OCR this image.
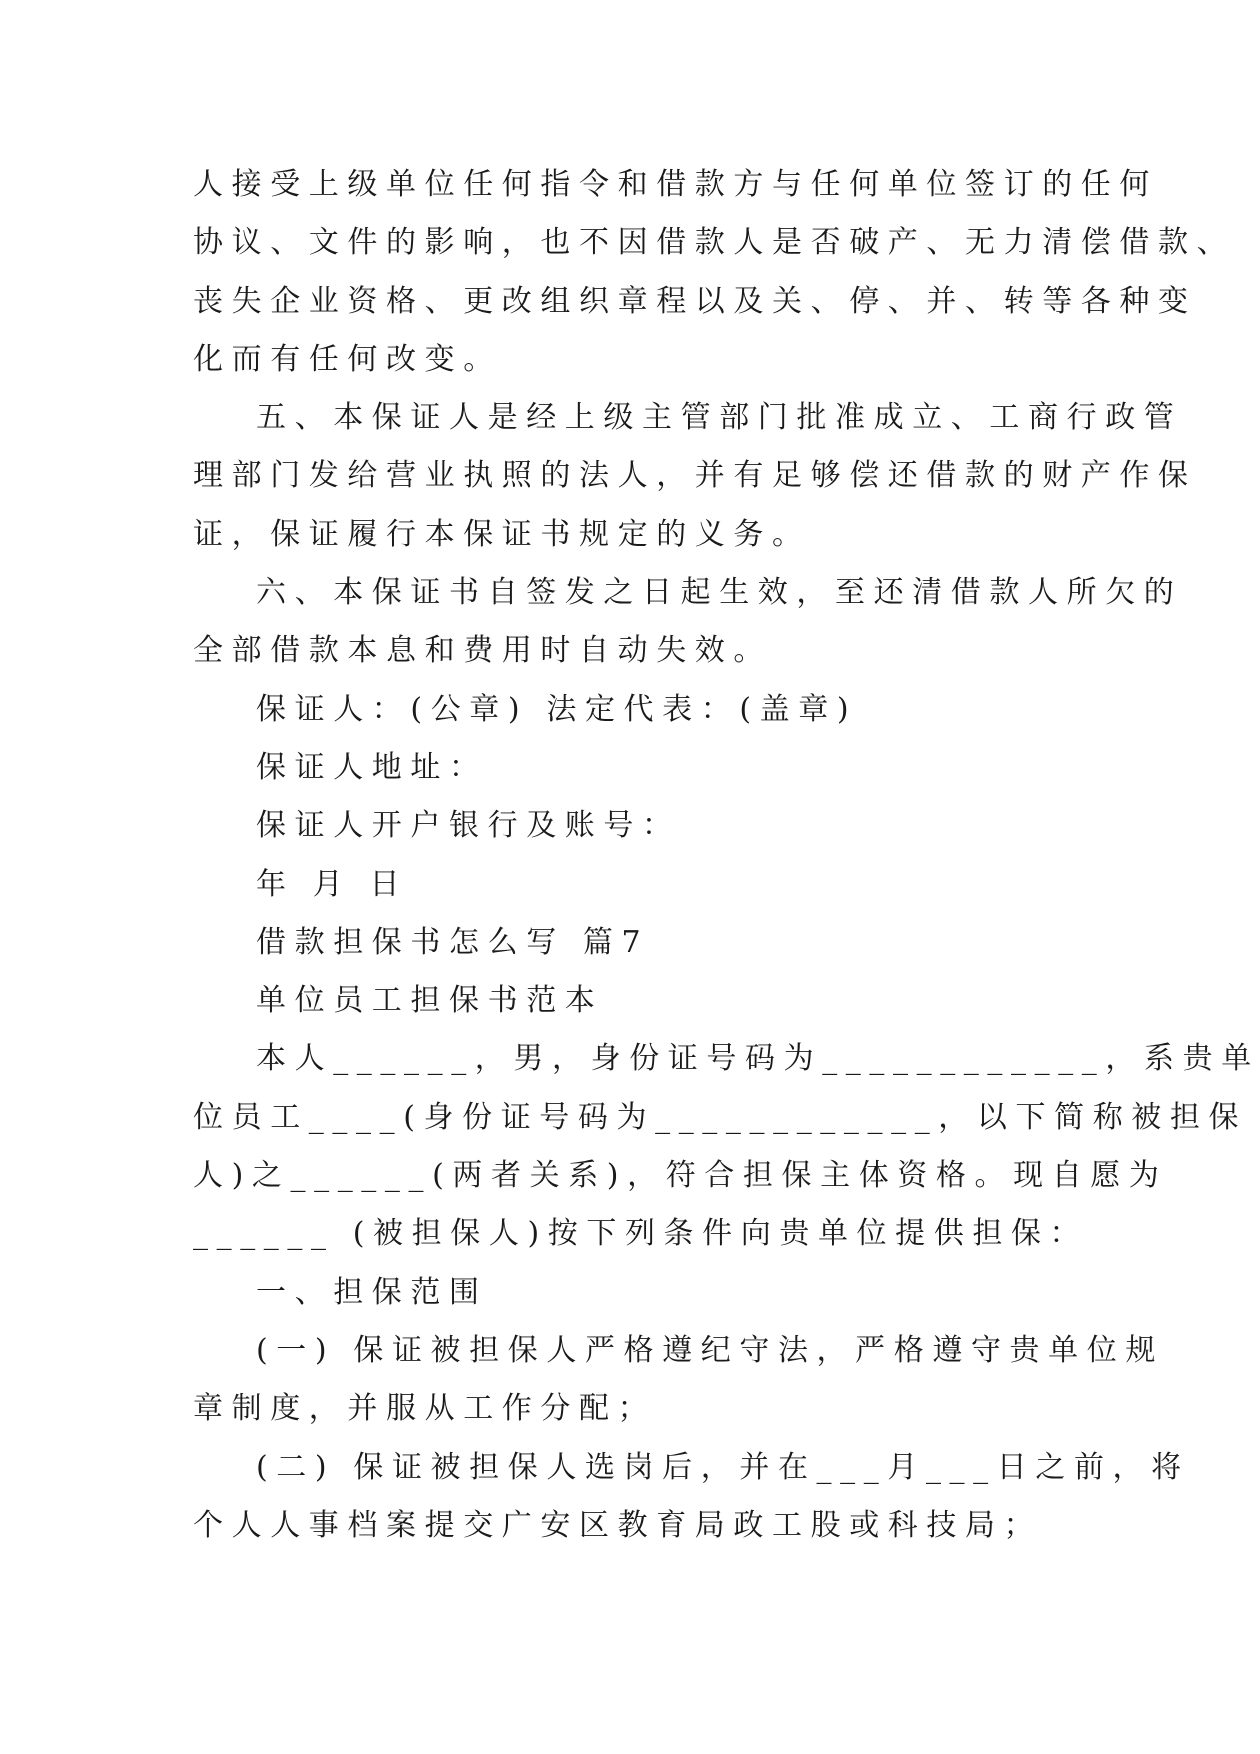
人接受上级单位任何指令和借款方与任何单位签订的任何
协议、文件的影响，也不因借款人是否破产、无力清偿借款、
丧失企业资格、更改组织章程以及关、停、并、转等各种变
化而有任何改变。
五、本保证人是经上级主管部门批准成立、工商行政管
理部门发给营业执照的法人，并有足够偿还借款的财产作保
证，保证履行本保证书规定的义务。
六、本保证书自签发之日起生效，至还清借款人所欠的
全部借款本息和费用时自动失效。
保证人：(公章) 法定代表：(盖章)
保证人地址：
保证人开户银行及账号：
年 月 日
借款担保书怎么写 篇7
单位员工担保书范本
本人______，男，身份证号码为____________，系贵单
位员工____(身份证号码为____________，以下简称被担保
人)之______(两者关系)，符合担保主体资格。现自愿为
______ (被担保人)按下列条件向贵单位提供担保：
一、担保范围
(一) 保证被担保人严格遵纪守法，严格遵守贵单位规
章制度，并服从工作分配；
(二) 保证被担保人选岗后，并在___月___日之前，将
个人人事档案提交广安区教育局政工股或科技局；
